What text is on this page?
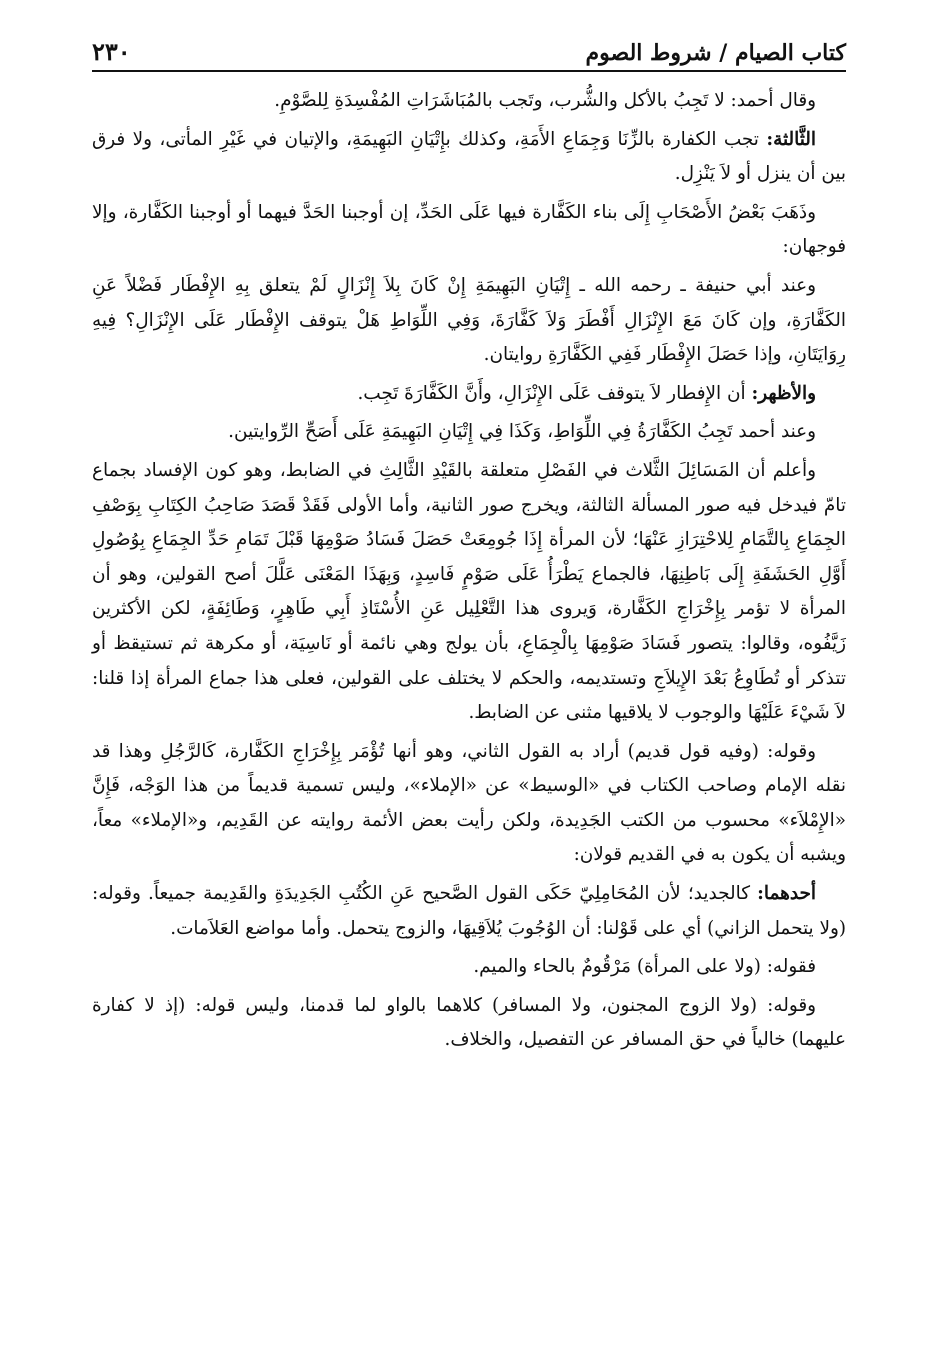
كتاب الصيام / شروط الصوم
٢٣٠

وقال أحمد: لا تَجِبُ بالأكل والشُّرب، وتَجب بالمُبَاشَرَاتِ المُفْسِدَةِ لِلصَّوْمِ.

الثَّالثة: تجب الكفارة بالزِّنَا وَجِمَاعِ الأَمَةِ، وكذلك بإِتْيَانِ البَهِيمَةِ، والإتيان في غَيْرِ المأتى، ولا فرق بين أن ينزل أو لاَ يَنْزِل.

وذَهَبَ بَعْضُ الأَصْحَابِ إِلَى بناء الكَفَّارة فيها عَلَى الحَدِّ، إن أوجبنا الحَدَّ فيهما أو أوجبنا الكَفَّارة، وإلا فوجهان:

وعند أبي حنيفة ـ رحمه الله ـ إِتْيَانِ البَهِيمَةِ إِنْ كَانَ بِلاَ إِنْزَالٍ لَمْ يتعلق بِهِ الإِفْطَار فَضْلاً عَنِ الكَفَّارَةِ، وإن كَانَ مَعَ الإِنْزَالِ أَفْطَرَ وَلاَ كَفَّارَةَ، وَفِي اللِّوَاطِ هَلْ يتوقف الإِفْطَار عَلَى الإِنْزَالِ؟ فِيهِ رِوَايَتَانِ، وإذا حَصَلَ الإِفْطَار فَفِي الكَفَّارَةِ روايتان.

والأظهر: أن الإِفطار لاَ يتوقف عَلَى الإِنْزَالِ، وأَنَّ الكَفَّارَةَ تَجِب.

وعند أحمد تَجِبُ الكَفَّارَةُ فِي اللِّوَاطِ، وَكَذَا فِي إِتْيَانِ البَهِيمَةِ عَلَى أَصَحِّ الرِّوايتين.

وأعلم أن المَسَائِلَ الثَّلاث في الفَصْلِ متعلقة بالقَيْدِ الثَّالِثِ في الضابط، وهو كون الإفساد بجماع تامّ فيدخل فيه صور المسألة الثالثة، ويخرج صور الثانية، وأما الأولى فَقَدْ قَصَدَ صَاحِبُ الكِتَابِ بِوَصْفِ الجِمَاعِ بِالتَّمَامِ لِلاحْتِرَازِ عَنْهَا؛ لأن المرأة إِذَا جُومِعَتْ حَصَلَ فَسَادُ صَوْمِهَا قَبْلَ تَمَامِ حَدِّ الجِمَاعِ بِوُصُولِ أَوَّلِ الحَشَفَةِ إِلَى بَاطِنِهَا، فالجماع يَطْرَأُ عَلَى صَوْمٍ فَاسِدٍ، وَبِهَذَا المَعْنَى عَلَّلَ أصح القولين، وهو أن المرأة لا تؤمر بِإِخْرَاجِ الكَفَّارة، وَيروى هذا التَّعْلِيل عَنِ الأُسْتَاذِ أَبِي طَاهِرٍ، وَطَائِفَةٍ، لكن الأكثرين زَيَّفُوه، وقالوا: يتصور فَسَادَ صَوْمِهَا بِالْجِمَاعِ، بأن يولج وهي نائمة أو نَاسِيَة، أو مكرهة ثم تستيقظ أو تتذكر أو تُطَاوِعُ بَعْدَ الإِيلاَجِ وتستديمه، والحكم لا يختلف على القولين، فعلى هذا جماع المرأة إذا قلنا: لاَ شَيْءَ عَلَيْهَا والوجوب لا يلاقيها مثنى عن الضابط.

وقوله: (وفيه قول قديم) أراد به القول الثاني، وهو أنها تُؤْمَر بِإِخْرَاجِ الكَفَّارة، كَالرَّجُلِ وهذا قد نقله الإمام وصاحب الكتاب في «الوسيط» عن «الإملاء»، وليس تسمية قديماً من هذا الوَجْه، فَإِنَّ «الإِمْلاَء» محسوب من الكتب الجَدِيدة، ولكن رأيت بعض الأئمة روايته عن القَدِيم، و«الإملاء» معاً، ويشبه أن يكون به في القديم قولان:

أحدهما: كالجديد؛ لأن المُحَامِلِيّ حَكَى القول الصَّحيح عَنِ الكُتُبِ الجَدِيدَةِ والقَدِيمة جميعاً. وقوله: (ولا يتحمل الزاني) أي على قَوْلنا: أن الوُجُوبَ يُلاَقِيهَا، والزوج يتحمل. وأما مواضع العَلاَمات.

فقوله: (ولا على المرأة) مَرْقُومٌ بالحاء والميم.

وقوله: (ولا الزوج المجنون، ولا المسافر) كلاهما بالواو لما قدمنا، وليس قوله: (إذ لا كفارة عليهما) خالياً في حق المسافر عن التفصيل، والخلاف.
